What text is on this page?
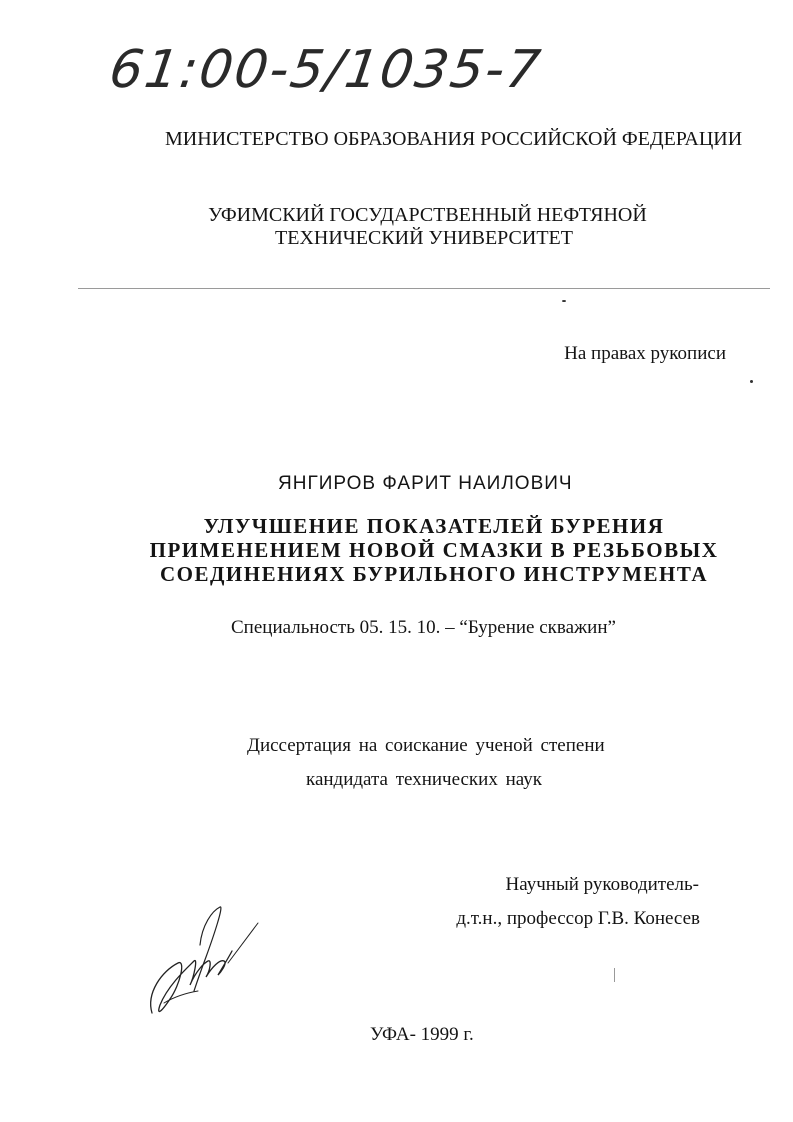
61:00-5/1035-7
МИНИСТЕРСТВО ОБРАЗОВАНИЯ РОССИЙСКОЙ ФЕДЕРАЦИИ
УФИМСКИЙ ГОСУДАРСТВЕННЫЙ НЕФТЯНОЙ
ТЕХНИЧЕСКИЙ УНИВЕРСИТЕТ
На правах рукописи
ЯНГИРОВ ФАРИТ НАИЛОВИЧ
УЛУЧШЕНИЕ ПОКАЗАТЕЛЕЙ БУРЕНИЯ
ПРИМЕНЕНИЕМ НОВОЙ СМАЗКИ В РЕЗЬБОВЫХ
СОЕДИНЕНИЯХ БУРИЛЬНОГО ИНСТРУМЕНТА
Специальность 05. 15. 10. – “Бурение скважин”
Диссертация на соискание ученой степени
кандидата технических наук
Научный руководитель-
д.т.н., профессор Г.В. Конесев
УФА- 1999 г.
